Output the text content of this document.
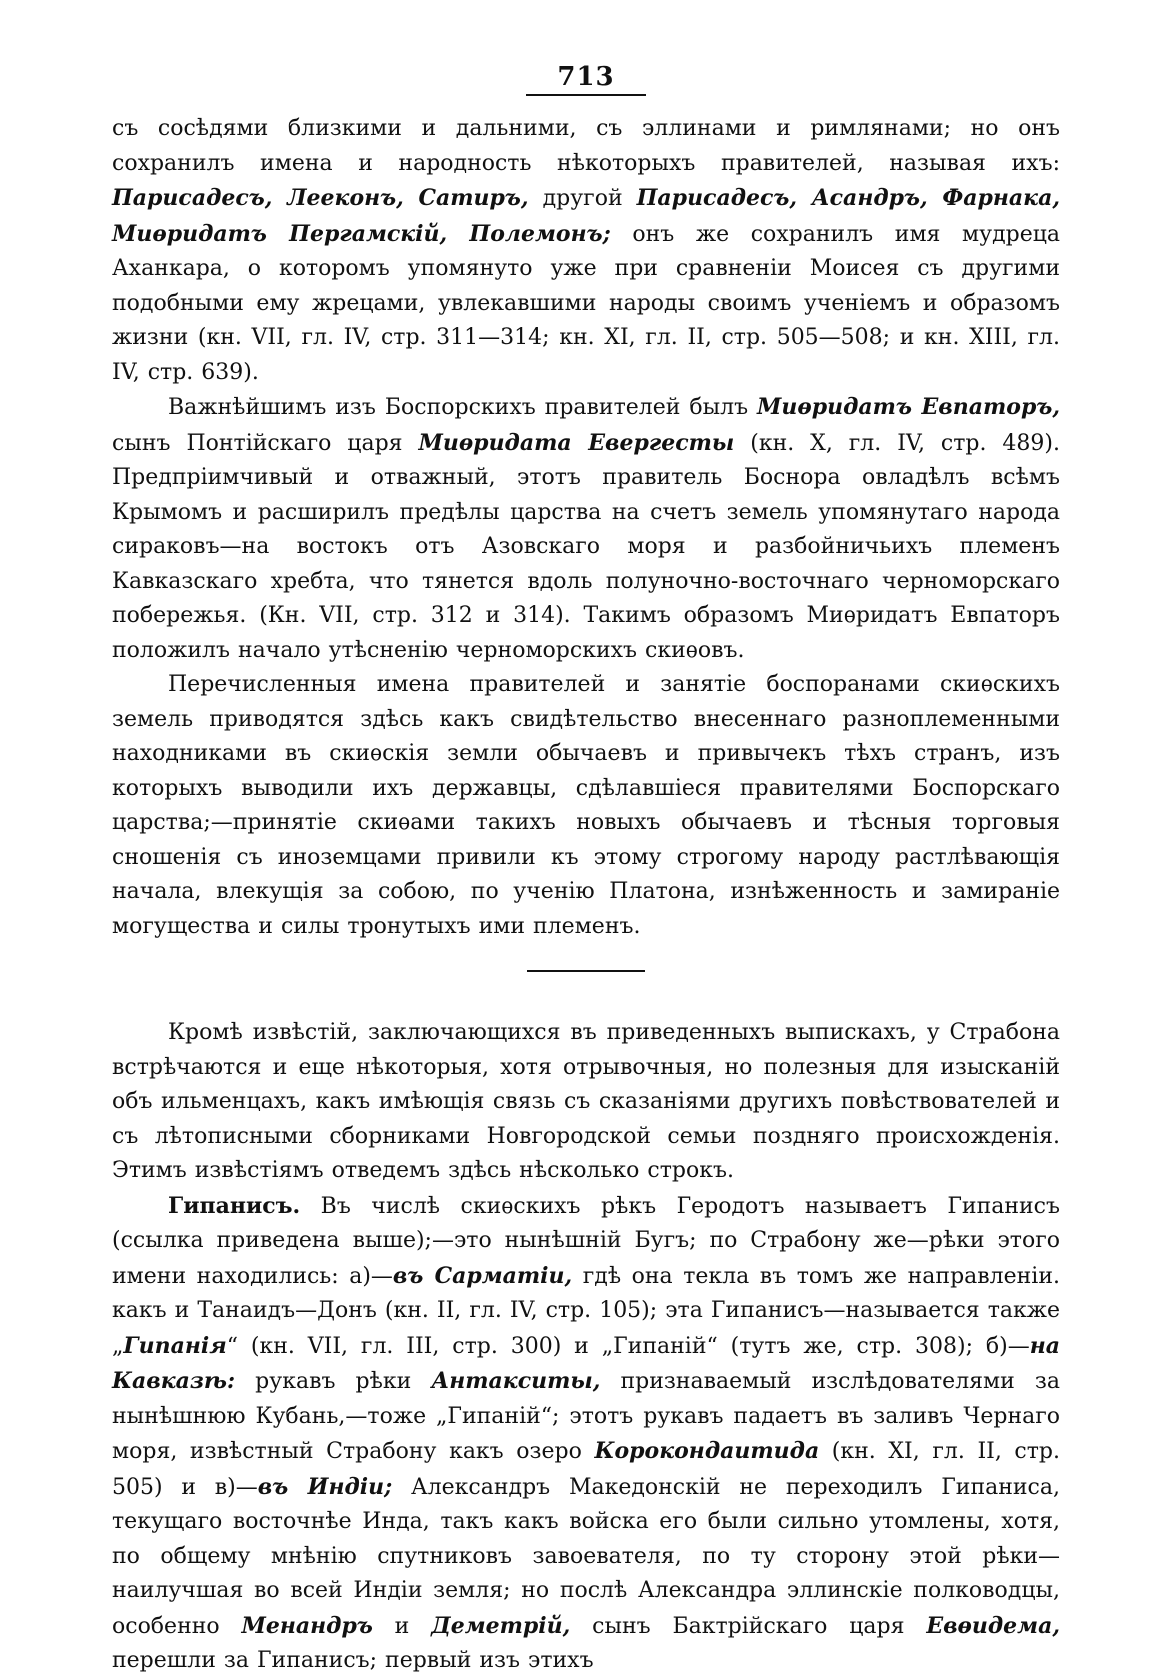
713

съ сосѣдями близкими и дальними, съ эллинами и римлянами; но онъ сохранилъ имена и народность нѣкоторыхъ правителей, называя ихъ: Парисадесъ, Лееконъ, Сатиръ, другой Парисадесъ, Асандръ, Фарнака, Миѳридатъ Пергамскій, Полемонъ; онъ же сохранилъ имя мудреца Аханкара, о которомъ упомянуто уже при сравненіи Моисея съ другими подобными ему жрецами, увлекавшими народы своимъ ученіемъ и образомъ жизни (кн. VII, гл. IV, стр. 311—314; кн. XI, гл. II, стр. 505—508; и кн. XIII, гл. IV, стр. 639).

Важнѣйшимъ изъ Боспорскихъ правителей былъ Миѳридатъ Евпаторъ, сынъ Понтійскаго царя Миѳридата Евергесты (кн. X, гл. IV, стр. 489). Предпріимчивый и отважный, этотъ правитель Боснора овладѣлъ всѣмъ Крымомъ и расширилъ предѣлы царства на счетъ земель упомянутаго народа сираковъ—на востокъ отъ Азовскаго моря и разбойничьихъ племенъ Кавказскаго хребта, что тянется вдоль полуночно-восточнаго черноморскаго побережья. (Кн. VII, стр. 312 и 314). Такимъ образомъ Миѳридатъ Евпаторъ положилъ начало утѣсненію черноморскихъ скиѳовъ.

Перечисленныя имена правителей и занятіе боспоранами скиѳскихъ земель приводятся здѣсь какъ свидѣтельство внесеннаго разноплеменными находниками въ скиѳскія земли обычаевъ и привычекъ тѣхъ странъ, изъ которыхъ выводили ихъ державцы, сдѣлавшіеся правителями Боспорскаго царства;—принятіе скиѳами такихъ новыхъ обычаевъ и тѣсныя торговыя сношенія съ иноземцами привили къ этому строгому народу растлѣвающія начала, влекущія за собою, по ученію Платона, изнѣженность и замираніе могущества и силы тронутыхъ ими племенъ.

Кромѣ извѣстій, заключающихся въ приведенныхъ выпискахъ, у Страбона встрѣчаются и еще нѣкоторыя, хотя отрывочныя, но полезныя для изысканій объ ильменцахъ, какъ имѣющія связь съ сказаніями другихъ повѣствователей и съ лѣтописными сборниками Новгородской семьи поздняго происхожденія. Этимъ извѣстіямъ отведемъ здѣсь нѣсколько строкъ.

Гипанисъ. Въ числѣ скиѳскихъ рѣкъ Геродотъ называетъ Гипанисъ (ссылка приведена выше);—это нынѣшній Бугъ; по Страбону же—рѣки этого имени находились: а)—въ Сарматіи, гдѣ она текла въ томъ же направленіи. какъ и Танаидъ—Донъ (кн. II, гл. IV, стр. 105); эта Гипанисъ—называется также „Гипанія“ (кн. VII, гл. III, стр. 300) и „Гипаній“ (тутъ же, стр. 308); б)—на Кавказѣ: рукавъ рѣки Антакситы, признаваемый изслѣдователями за нынѣшнюю Кубань,—тоже „Гипаній“; этотъ рукавъ падаетъ въ заливъ Чернаго моря, извѣстный Страбону какъ озеро Корокондаитида (кн. XI, гл. II, стр. 505) и в)—въ Индіи; Александръ Македонскій не переходилъ Гипаниса, текущаго восточнѣе Инда, такъ какъ войска его были сильно утомлены, хотя, по общему мнѣнію спутниковъ завоевателя, по ту сторону этой рѣки—наилучшая во всей Индіи земля; но послѣ Александра эллинскіе полководцы, особенно Менандръ и Деметрій, сынъ Бактрійскаго царя Евѳидема, перешли за Гипанисъ; первый изъ этихъ
